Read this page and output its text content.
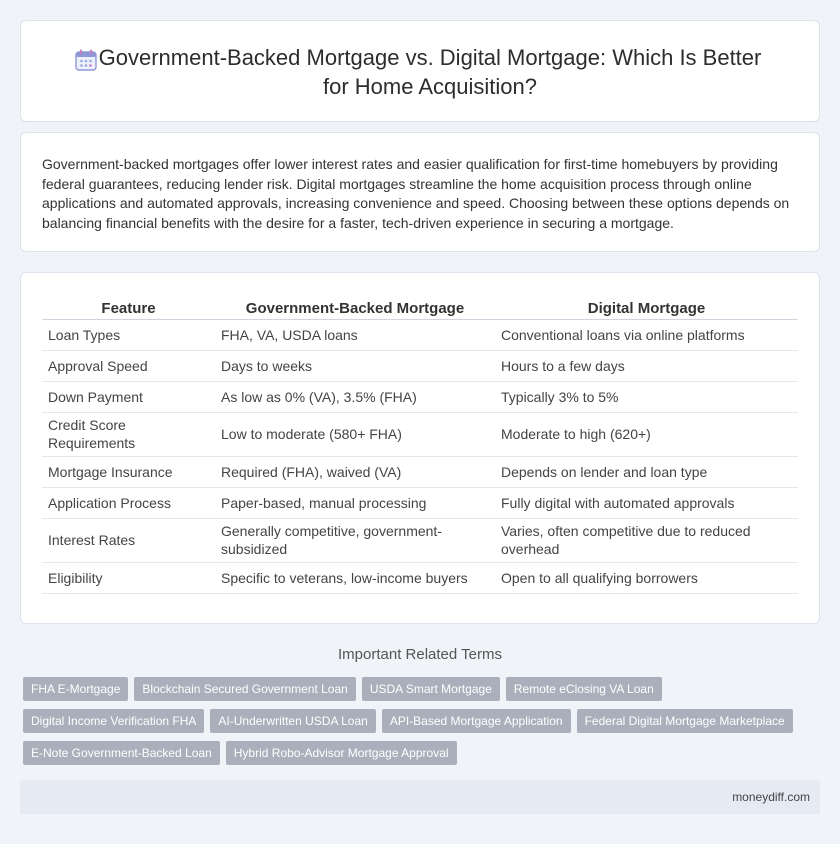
Government-Backed Mortgage vs. Digital Mortgage: Which Is Better for Home Acquisition?

Government-backed mortgages offer lower interest rates and easier qualification for first-time homebuyers by providing federal guarantees, reducing lender risk. Digital mortgages streamline the home acquisition process through online applications and automated approvals, increasing convenience and speed. Choosing between these options depends on balancing financial benefits with the desire for a faster, tech-driven experience in securing a mortgage.

Feature	Government-Backed Mortgage	Digital Mortgage
Loan Types	FHA, VA, USDA loans	Conventional loans via online platforms
Approval Speed	Days to weeks	Hours to a few days
Down Payment	As low as 0% (VA), 3.5% (FHA)	Typically 3% to 5%
Credit Score Requirements	Low to moderate (580+ FHA)	Moderate to high (620+)
Mortgage Insurance	Required (FHA), waived (VA)	Depends on lender and loan type
Application Process	Paper-based, manual processing	Fully digital with automated approvals
Interest Rates	Generally competitive, government-subsidized	Varies, often competitive due to reduced overhead
Eligibility	Specific to veterans, low-income buyers	Open to all qualifying borrowers
Important Related Terms
FHA E-Mortgage	Blockchain Secured Government Loan	USDA Smart Mortgage	Remote eClosing VA Loan
Digital Income Verification FHA	AI-Underwritten USDA Loan	API-Based Mortgage Application	Federal Digital Mortgage Marketplace
E-Note Government-Backed Loan	Hybrid Robo-Advisor Mortgage Approval
moneydiff.com
